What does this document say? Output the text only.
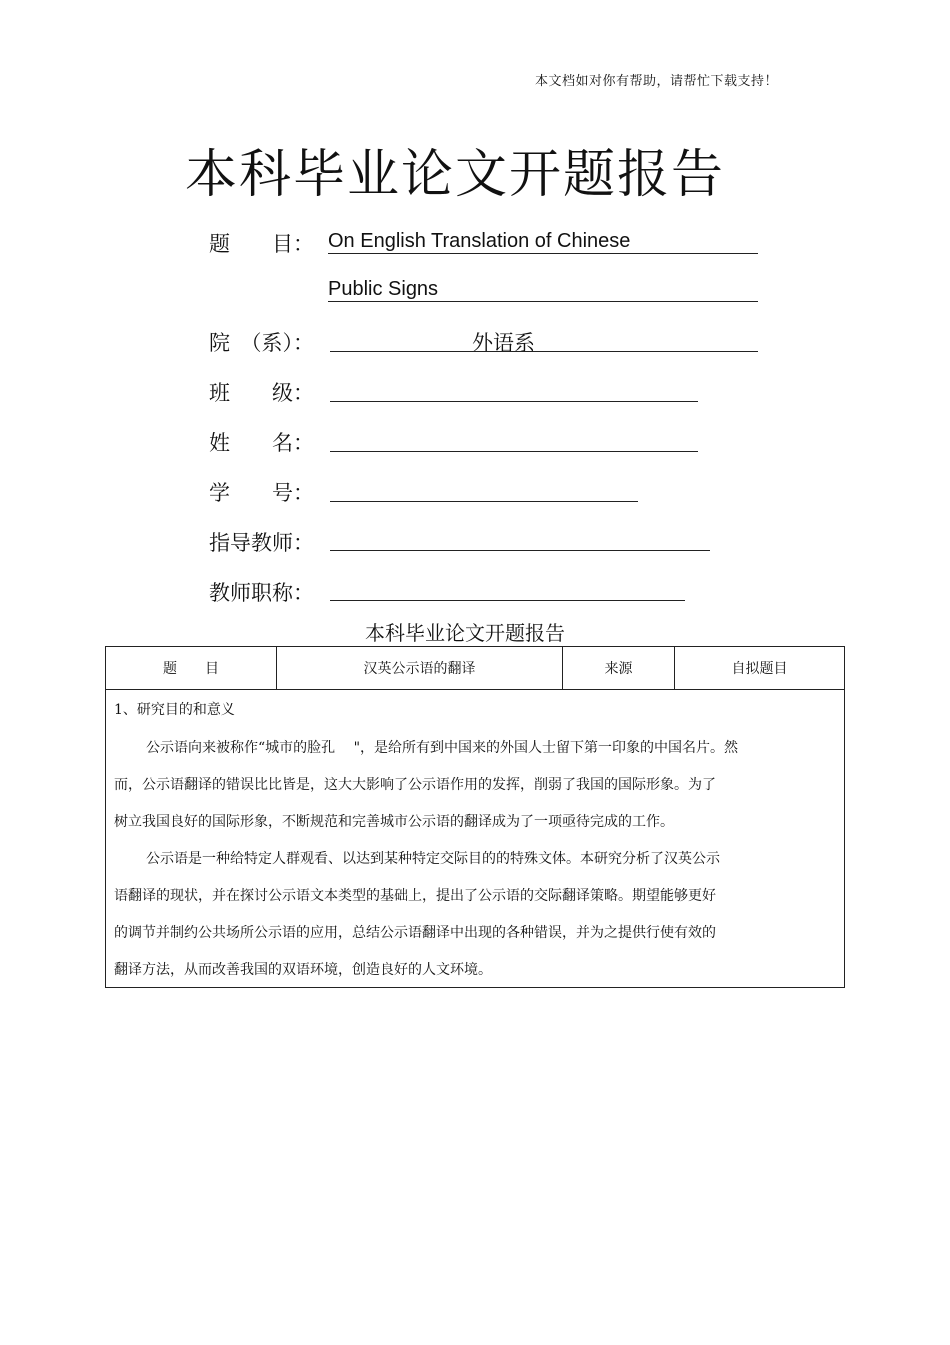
本文档如对你有帮助，请帮忙下载支持！
本科毕业论文开题报告
题　　目： On English Translation of Chinese
Public Signs
院　（系）：	外语系
班　　级：
姓　　名：
学　　号：
指导教师：
教师职称：
本科毕业论文开题报告
题　　目	汉英公示语的翻译	来源	自拟题目
1、研究目的和意义
公示语向来被称作“城市的脸孔　 "，是给所有到中国来的外国人士留下第一印象的中国名片。然
而，公示语翻译的错误比比皆是，这大大影响了公示语作用的发挥，削弱了我国的国际形象。为了
树立我国良好的国际形象，不断规范和完善城市公示语的翻译成为了一项亟待完成的工作。
公示语是一种给特定人群观看、以达到某种特定交际目的的特殊文体。本研究分析了汉英公示
语翻译的现状，并在探讨公示语文本类型的基础上，提出了公示语的交际翻译策略。期望能够更好
的调节并制约公共场所公示语的应用，总结公示语翻译中出现的各种错误，并为之提供行使有效的
翻译方法，从而改善我国的双语环境，创造良好的人文环境。
